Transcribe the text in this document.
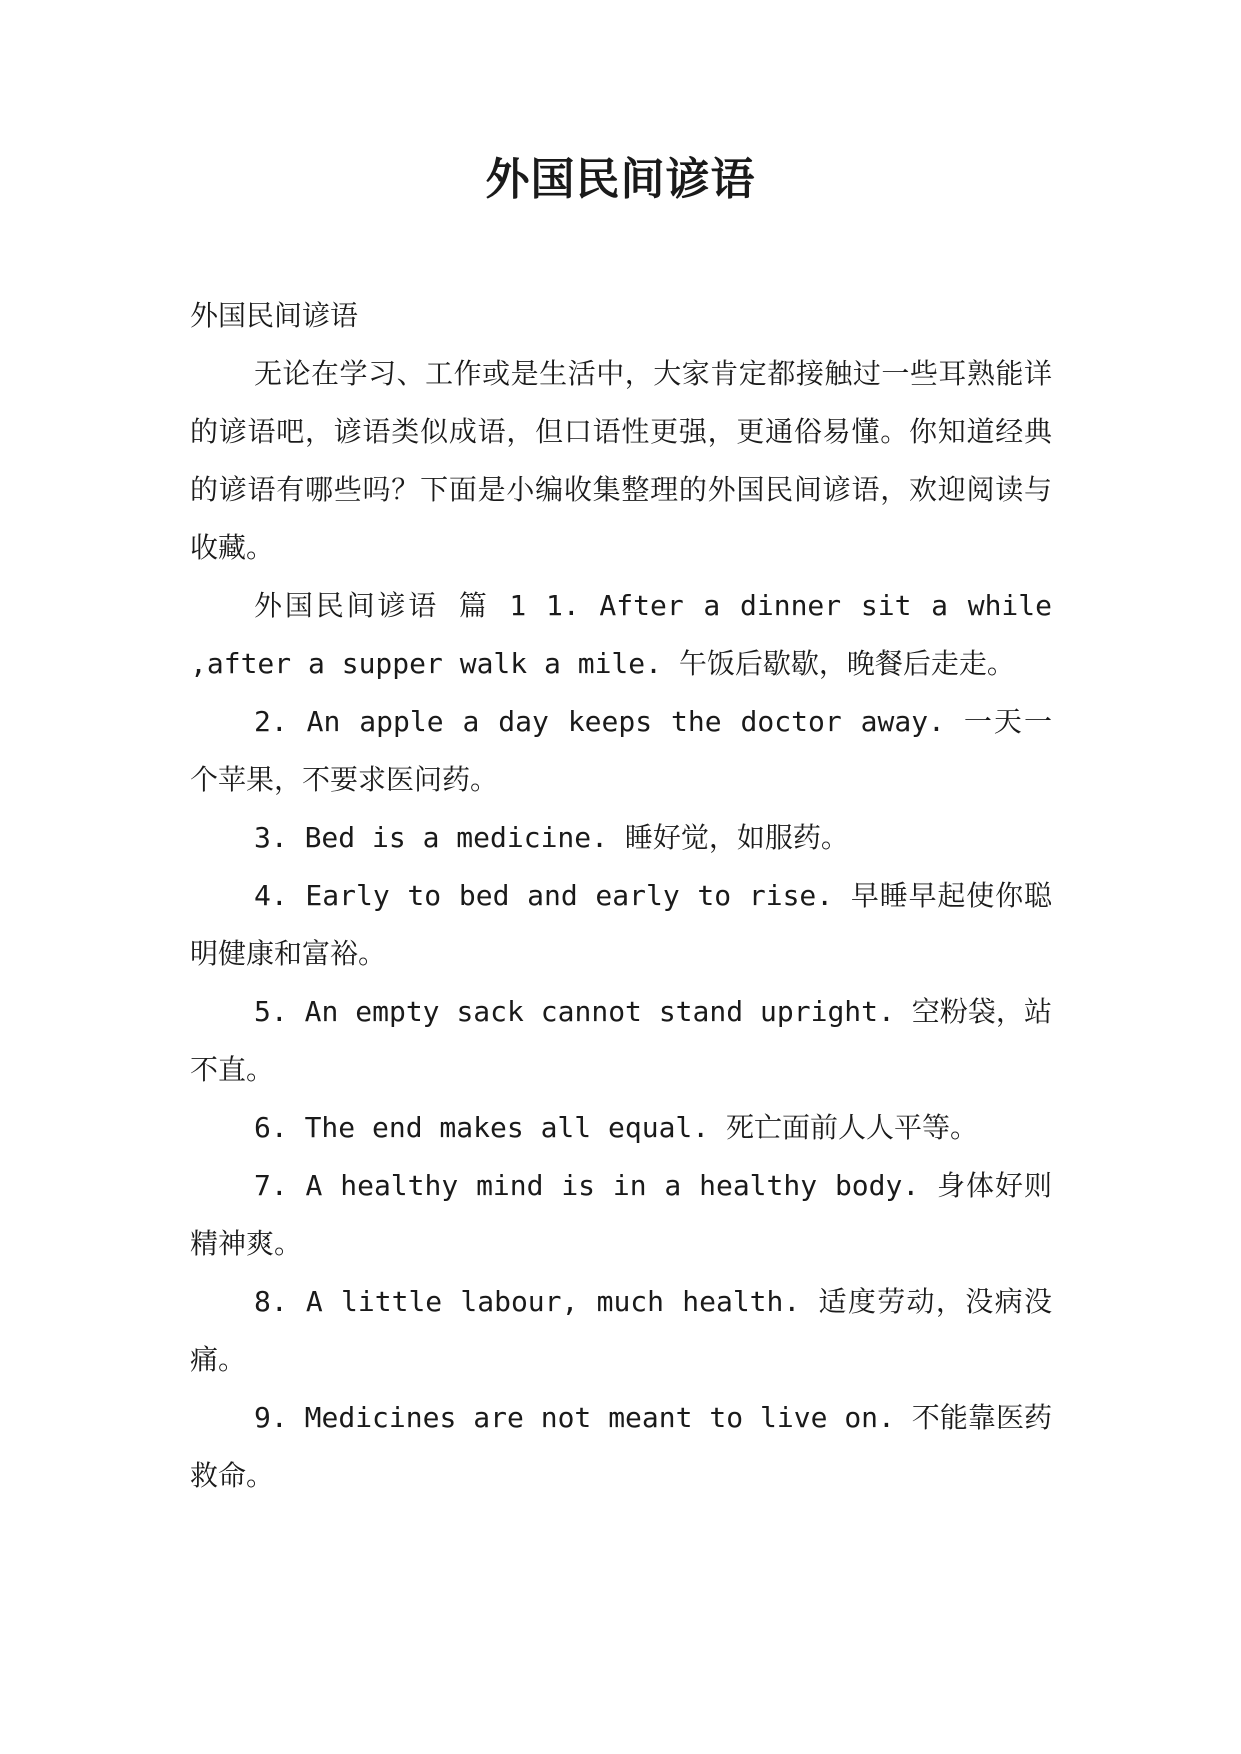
外国民间谚语

外国民间谚语

无论在学习、工作或是生活中，大家肯定都接触过一些耳熟能详的谚语吧，谚语类似成语，但口语性更强，更通俗易懂。你知道经典的谚语有哪些吗？下面是小编收集整理的外国民间谚语，欢迎阅读与收藏。

外国民间谚语 篇 1 1. After a dinner sit a while ,after a supper walk a mile. 午饭后歇歇，晚餐后走走。

2. An apple a day keeps the doctor away. 一天一个苹果，不要求医问药。

3. Bed is a medicine. 睡好觉，如服药。

4. Early to bed and early to rise. 早睡早起使你聪明健康和富裕。

5. An empty sack cannot stand upright. 空粉袋，站不直。

6. The end makes all equal. 死亡面前人人平等。

7. A healthy mind is in a healthy body. 身体好则精神爽。

8. A little labour, much health. 适度劳动，没病没痛。

9. Medicines are not meant to live on. 不能靠医药救命。
